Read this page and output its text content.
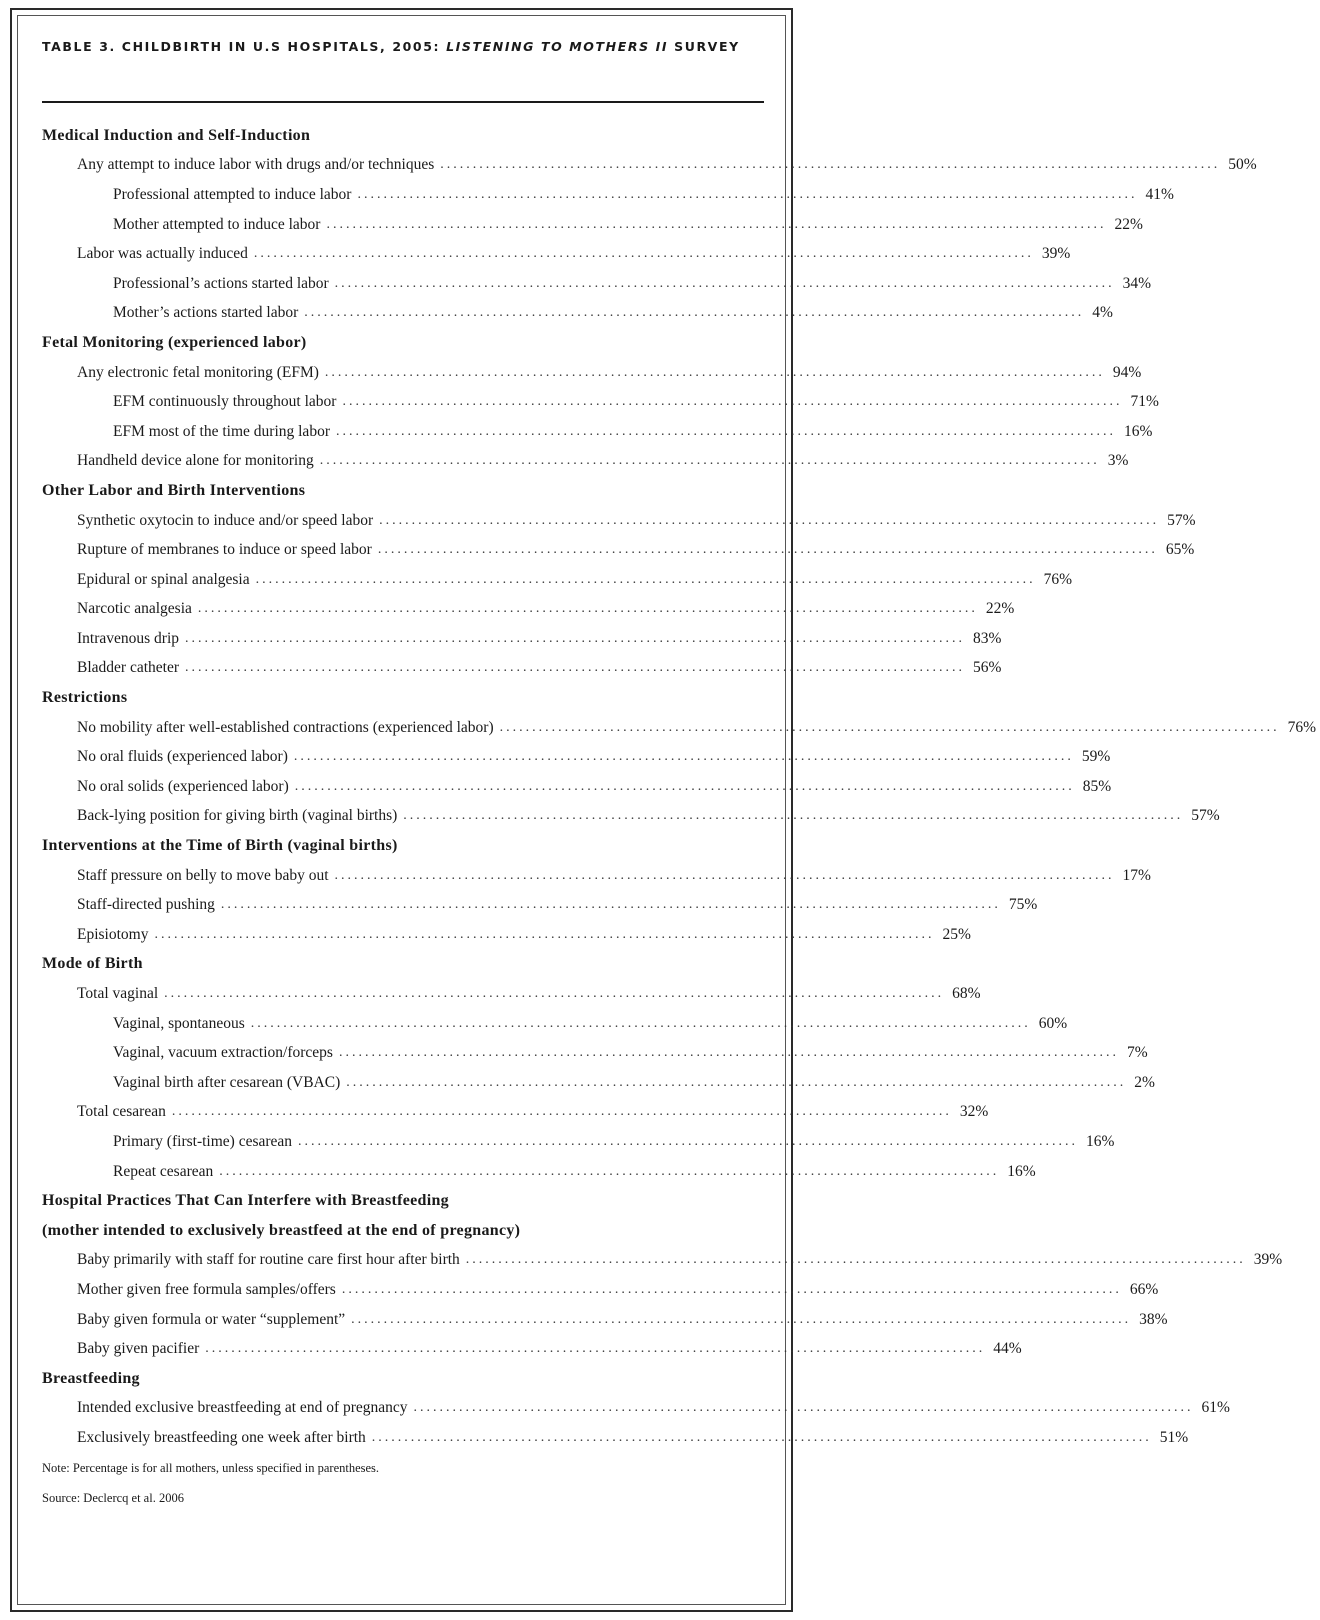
TABLE 3. CHILDBIRTH IN U.S HOSPITALS, 2005: LISTENING TO MOTHERS II SURVEY
Medical Induction and Self-Induction
Any attempt to induce labor with drugs and/or techniques ........................................................................................................................ 50%
Professional attempted to induce labor ........................................................................................................................ 41%
Mother attempted to induce labor ........................................................................................................................ 22%
Labor was actually induced ........................................................................................................................ 39%
Professional’s actions started labor ........................................................................................................................ 34%
Mother’s actions started labor ........................................................................................................................ 4%
Fetal Monitoring (experienced labor)
Any electronic fetal monitoring (EFM) ........................................................................................................................ 94%
EFM continuously throughout labor ........................................................................................................................ 71%
EFM most of the time during labor ........................................................................................................................ 16%
Handheld device alone for monitoring ........................................................................................................................ 3%
Other Labor and Birth Interventions
Synthetic oxytocin to induce and/or speed labor ........................................................................................................................ 57%
Rupture of membranes to induce or speed labor ........................................................................................................................ 65%
Epidural or spinal analgesia ........................................................................................................................ 76%
Narcotic analgesia ........................................................................................................................ 22%
Intravenous drip ........................................................................................................................ 83%
Bladder catheter ........................................................................................................................ 56%
Restrictions
No mobility after well-established contractions (experienced labor) ........................................................................................................................ 76%
No oral fluids (experienced labor) ........................................................................................................................ 59%
No oral solids (experienced labor) ........................................................................................................................ 85%
Back-lying position for giving birth (vaginal births) ........................................................................................................................ 57%
Interventions at the Time of Birth (vaginal births)
Staff pressure on belly to move baby out ........................................................................................................................ 17%
Staff-directed pushing ........................................................................................................................ 75%
Episiotomy ........................................................................................................................ 25%
Mode of Birth
Total vaginal ........................................................................................................................ 68%
Vaginal, spontaneous ........................................................................................................................ 60%
Vaginal, vacuum extraction/forceps ........................................................................................................................ 7%
Vaginal birth after cesarean (VBAC) ........................................................................................................................ 2%
Total cesarean ........................................................................................................................ 32%
Primary (first-time) cesarean ........................................................................................................................ 16%
Repeat cesarean ........................................................................................................................ 16%
Hospital Practices That Can Interfere with Breastfeeding
(mother intended to exclusively breastfeed at the end of pregnancy)
Baby primarily with staff for routine care first hour after birth ........................................................................................................................ 39%
Mother given free formula samples/offers ........................................................................................................................ 66%
Baby given formula or water “supplement” ........................................................................................................................ 38%
Baby given pacifier ........................................................................................................................ 44%
Breastfeeding
Intended exclusive breastfeeding at end of pregnancy ........................................................................................................................ 61%
Exclusively breastfeeding one week after birth ........................................................................................................................ 51%
Note: Percentage is for all mothers, unless specified in parentheses.
Source: Declercq et al. 2006
